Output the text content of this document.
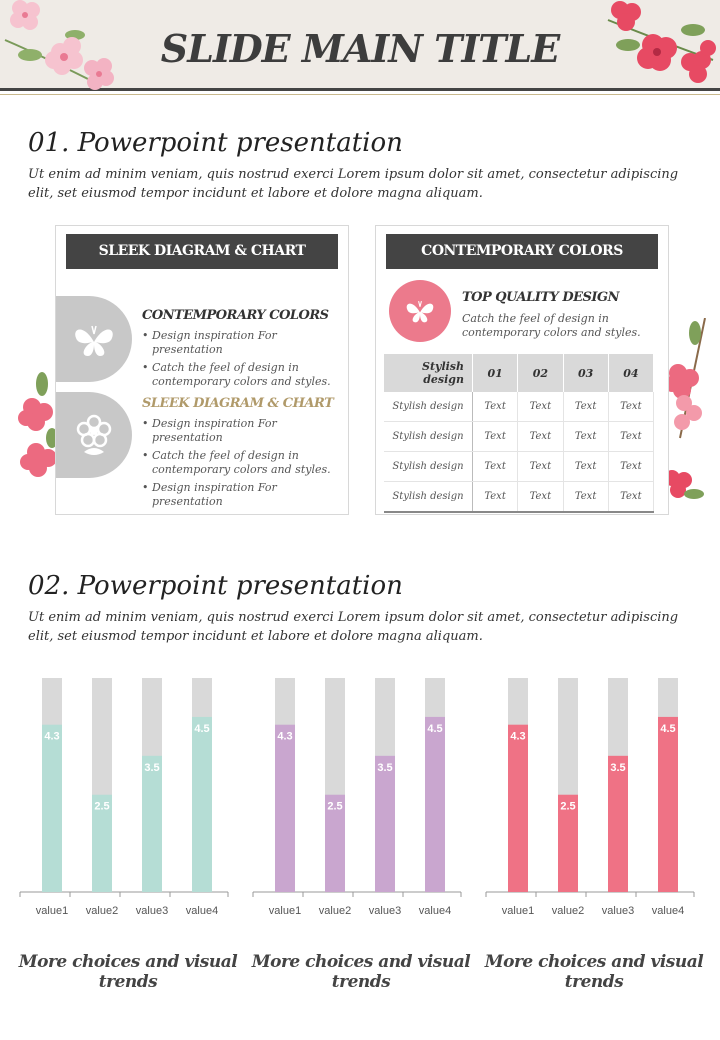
SLIDE MAIN TITLE
01. Powerpoint presentation
Ut enim ad minim veniam, quis nostrud exerci Lorem ipsum dolor sit amet, consectetur adipiscing elit, set eiusmod tempor incidunt et labore et dolore magna aliquam.
SLEEK DIAGRAM & CHART
CONTEMPORARY COLORS
• Design inspiration For presentation
• Catch the feel of design in contemporary colors and styles.
SLEEK DIAGRAM & CHART
• Design inspiration For presentation
• Catch the feel of design in contemporary colors and styles.
• Design inspiration For presentation
CONTEMPORARY COLORS
TOP QUALITY DESIGN
Catch the feel of design in contemporary colors and styles.
Stylish design	01	02	03	04
Stylish design	Text	Text	Text	Text
Stylish design	Text	Text	Text	Text
Stylish design	Text	Text	Text	Text
Stylish design	Text	Text	Text	Text
02. Powerpoint presentation
Ut enim ad minim veniam, quis nostrud exerci Lorem ipsum dolor sit amet, consectetur adipiscing elit, set eiusmod tempor incidunt et labore et dolore magna aliquam.
4.3
value1
2.5
value2
3.5
value3
4.5
value4
4.3
value1
2.5
value2
3.5
value3
4.5
value4
4.3
value1
2.5
value2
3.5
value3
4.5
value4
More choices and visual trends
More choices and visual trends
More choices and visual trends
